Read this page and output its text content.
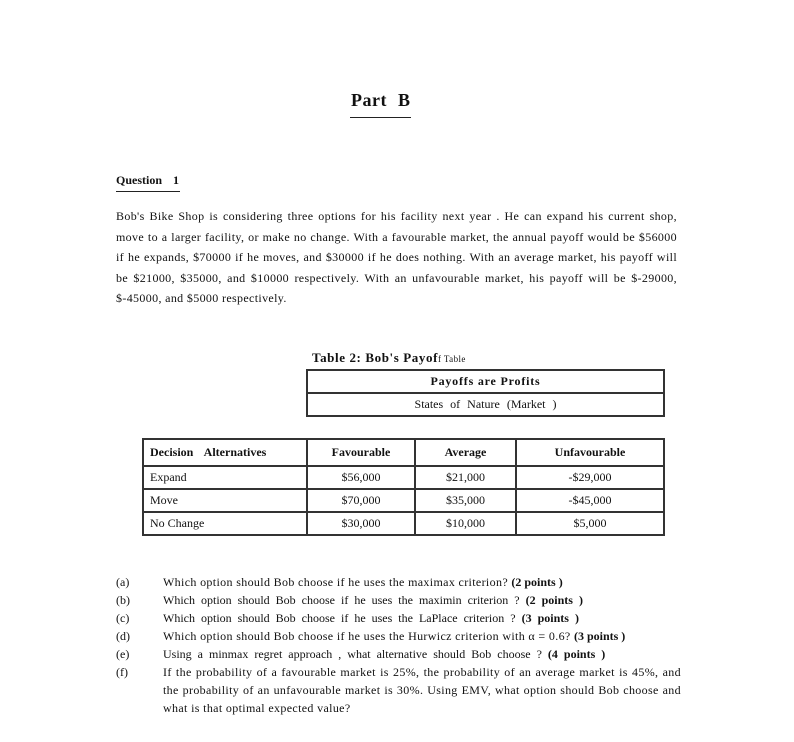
Part B
Question 1
Bob's Bike Shop is considering three options for his facility next year . He can expand his current shop, move to a larger facility, or make no change. With a favourable market, the annual payoff would be $56000 if he expands, $70000 if he moves, and $30000 if he does nothing. With an average market, his payoff will be $21000, $35000, and $10000 respectively. With an unfavourable market, his payoff will be $-29000, $-45000, and $5000 respectively.
Table 2: Bob's Payoff Table
	Payoffs are Profits		
	States of Nature (Market )		

Decision Alternatives	Favourable	Average	Unfavourable
Expand	$56,000	$21,000	-$29,000
Move	$70,000	$35,000	-$45,000
No Change	$30,000	$10,000	$5,000
(a)	Which option should Bob choose if he uses the maximax criterion? (2 points )
(b)	Which option should Bob choose if he uses the maximin criterion ? (2 points )
(c)	Which option should Bob choose if he uses the LaPlace criterion ? (3 points )
(d)	Which option should Bob choose if he uses the Hurwicz criterion with α = 0.6? (3 points )
(e)	Using a minmax regret approach , what alternative should Bob choose ? (4 points )
(f)	If the probability of a favourable market is 25%, the probability of an average market is 45%, and the probability of an unfavourable market is 30%. Using EMV, what option should Bob choose and what is that optimal expected value?
